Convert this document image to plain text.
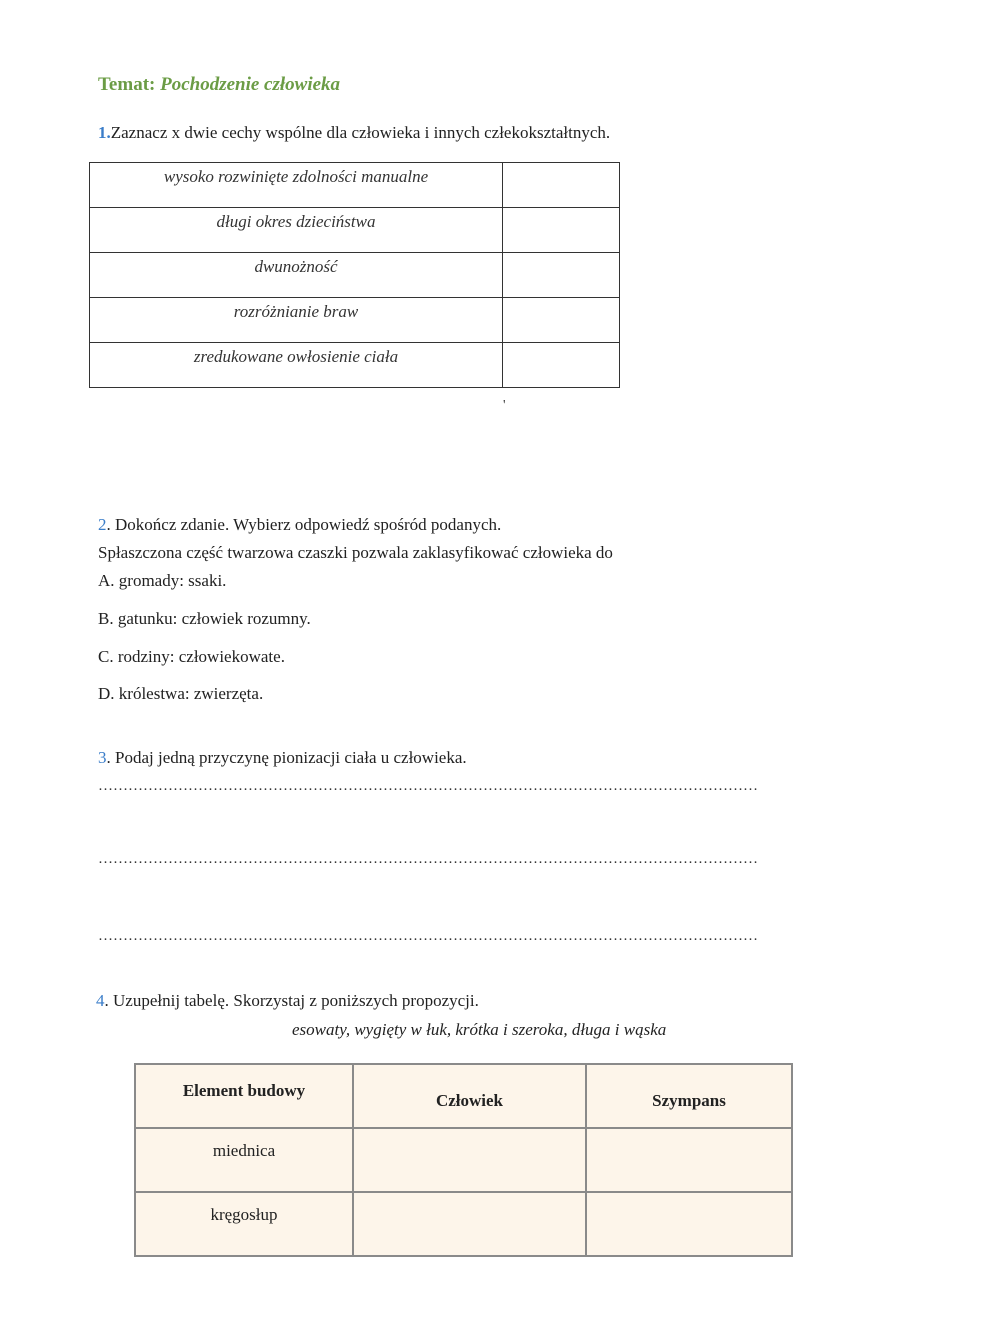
Temat: Pochodzenie człowieka
1.Zaznacz x dwie cechy wspólne dla człowieka i innych człekokształtnych.
wysoko rozwinięte zdolności manualne	
długi okres dzieciństwa	
dwunożność	
rozróżnianie braw	
zredukowane owłosienie ciała	
'
2. Dokończ zdanie. Wybierz odpowiedź spośród podanych.
Spłaszczona część twarzowa czaszki pozwala zaklasyfikować człowieka do
A. gromady: ssaki.
B. gatunku: człowiek rozumny.
C. rodziny: człowiekowate.
D. królestwa: zwierzęta.
3. Podaj jedną przyczynę pionizacji ciała u człowieka.
……………………………………………………………………………………………………………………
……………………………………………………………………………………………………………………
……………………………………………………………………………………………………………………
4. Uzupełnij tabelę. Skorzystaj z poniższych propozycji.
esowaty, wygięty w łuk, krótka i szeroka, długa i wąska
Element budowy	Człowiek	Szympans
miednica		
kręgosłup		
